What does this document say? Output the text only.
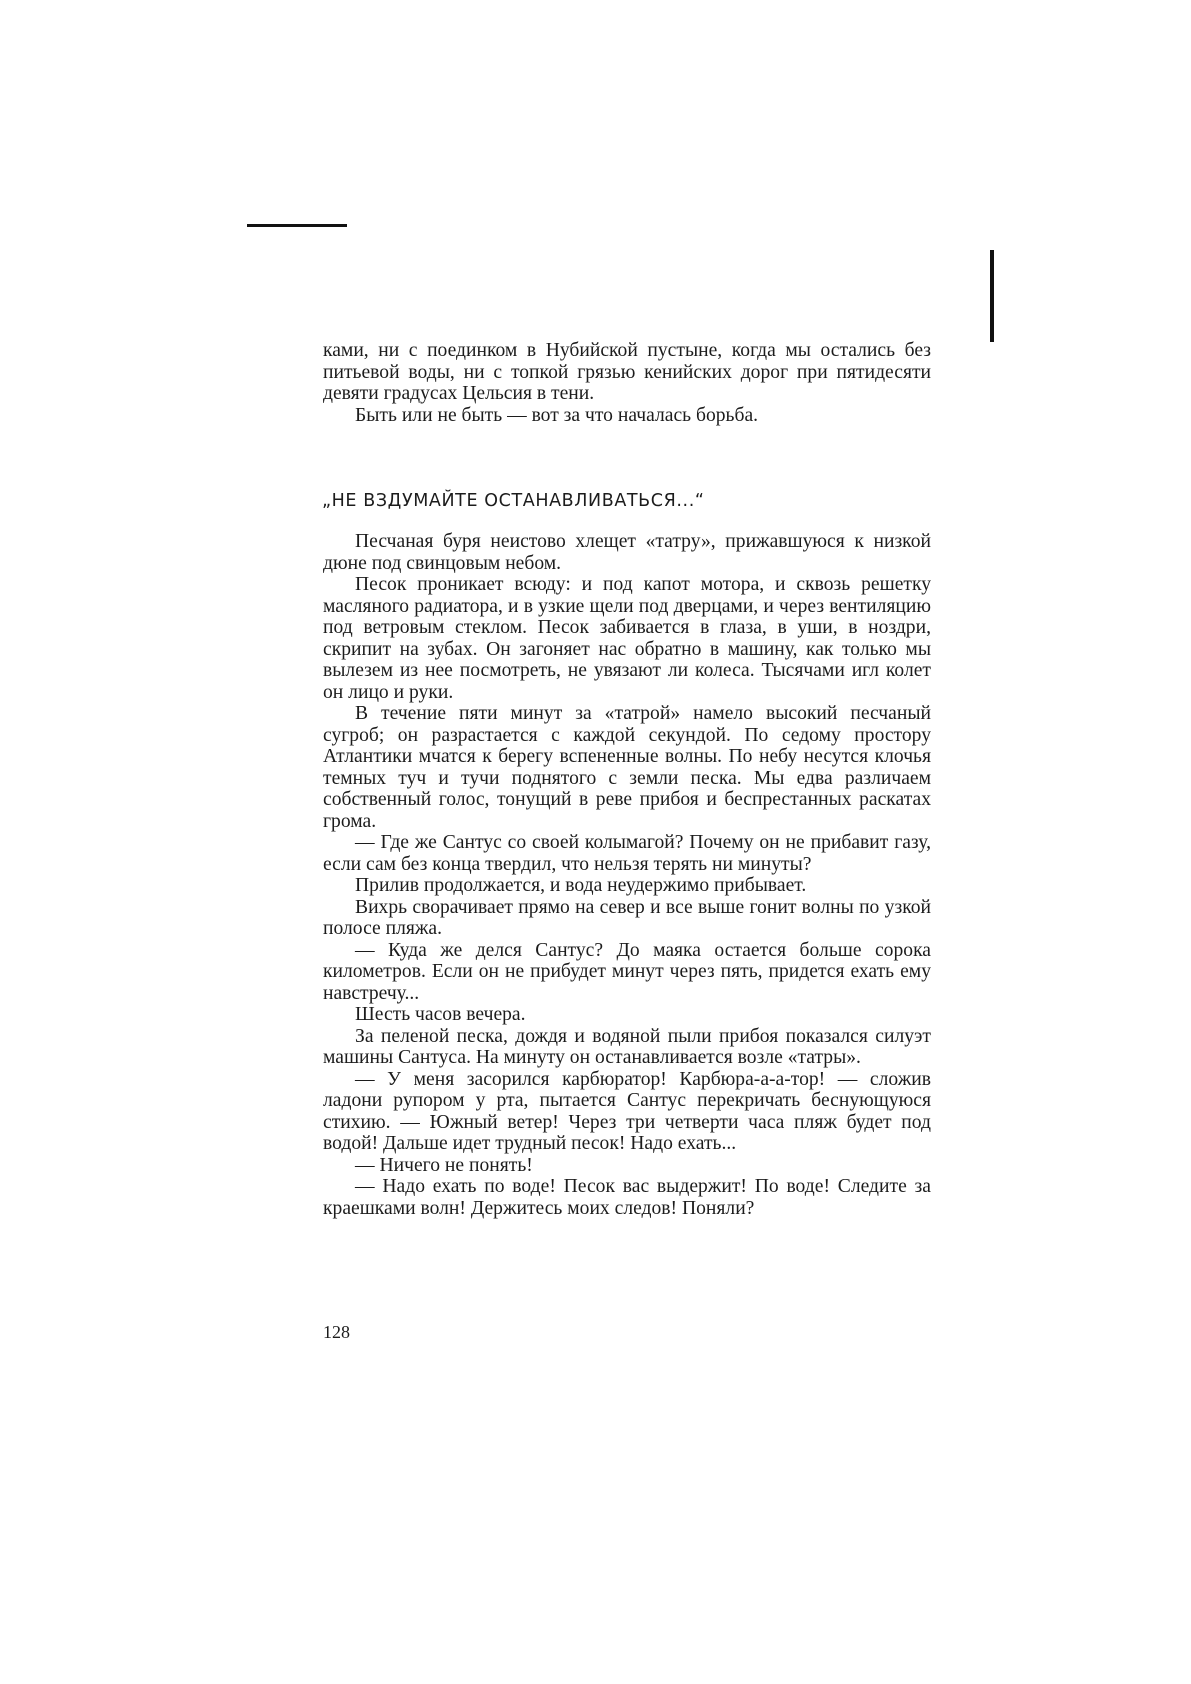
ками, ни с поединком в Нубийской пустыне, когда мы остались без питьевой воды, ни с топкой грязью кенийских дорог при пятидесяти девяти градусах Цельсия в тени.

Быть или не быть — вот за что началась борьба.

„НЕ ВЗДУМАЙТЕ ОСТАНАВЛИВАТЬСЯ...“

Песчаная буря неистово хлещет «татру», прижавшуюся к низкой дюне под свинцовым небом.

Песок проникает всюду: и под капот мотора, и сквозь решетку масляного радиатора, и в узкие щели под дверцами, и через вентиляцию под ветровым стеклом. Песок забивается в глаза, в уши, в ноздри, скрипит на зубах. Он загоняет нас обратно в машину, как только мы вылезем из нее посмотреть, не увязают ли колеса. Тысячами игл колет он лицо и руки.

В течение пяти минут за «татрой» намело высокий песчаный сугроб; он разрастается с каждой секундой. По седому простору Атлантики мчатся к берегу вспененные волны. По небу несутся клочья темных туч и тучи поднятого с земли песка. Мы едва различаем собственный голос, тонущий в реве прибоя и беспрестанных раскатах грома.

— Где же Сантус со своей колымагой? Почему он не прибавит газу, если сам без конца твердил, что нельзя терять ни минуты?

Прилив продолжается, и вода неудержимо прибывает.

Вихрь сворачивает прямо на север и все выше гонит волны по узкой полосе пляжа.

— Куда же делся Сантус? До маяка остается больше сорока километров. Если он не прибудет минут через пять, придется ехать ему навстречу...

Шесть часов вечера.

За пеленой песка, дождя и водяной пыли прибоя показался силуэт машины Сантуса. На минуту он останавливается возле «татры».

— У меня засорился карбюратор! Карбюра-а-а-тор! — сложив ладони рупором у рта, пытается Сантус перекричать беснующуюся стихию. — Южный ветер! Через три четверти часа пляж будет под водой! Дальше идет трудный песок! Надо ехать...

— Ничего не понять!

— Надо ехать по воде! Песок вас выдержит! По воде! Следите за краешками волн! Держитесь моих следов! Поняли?

128
